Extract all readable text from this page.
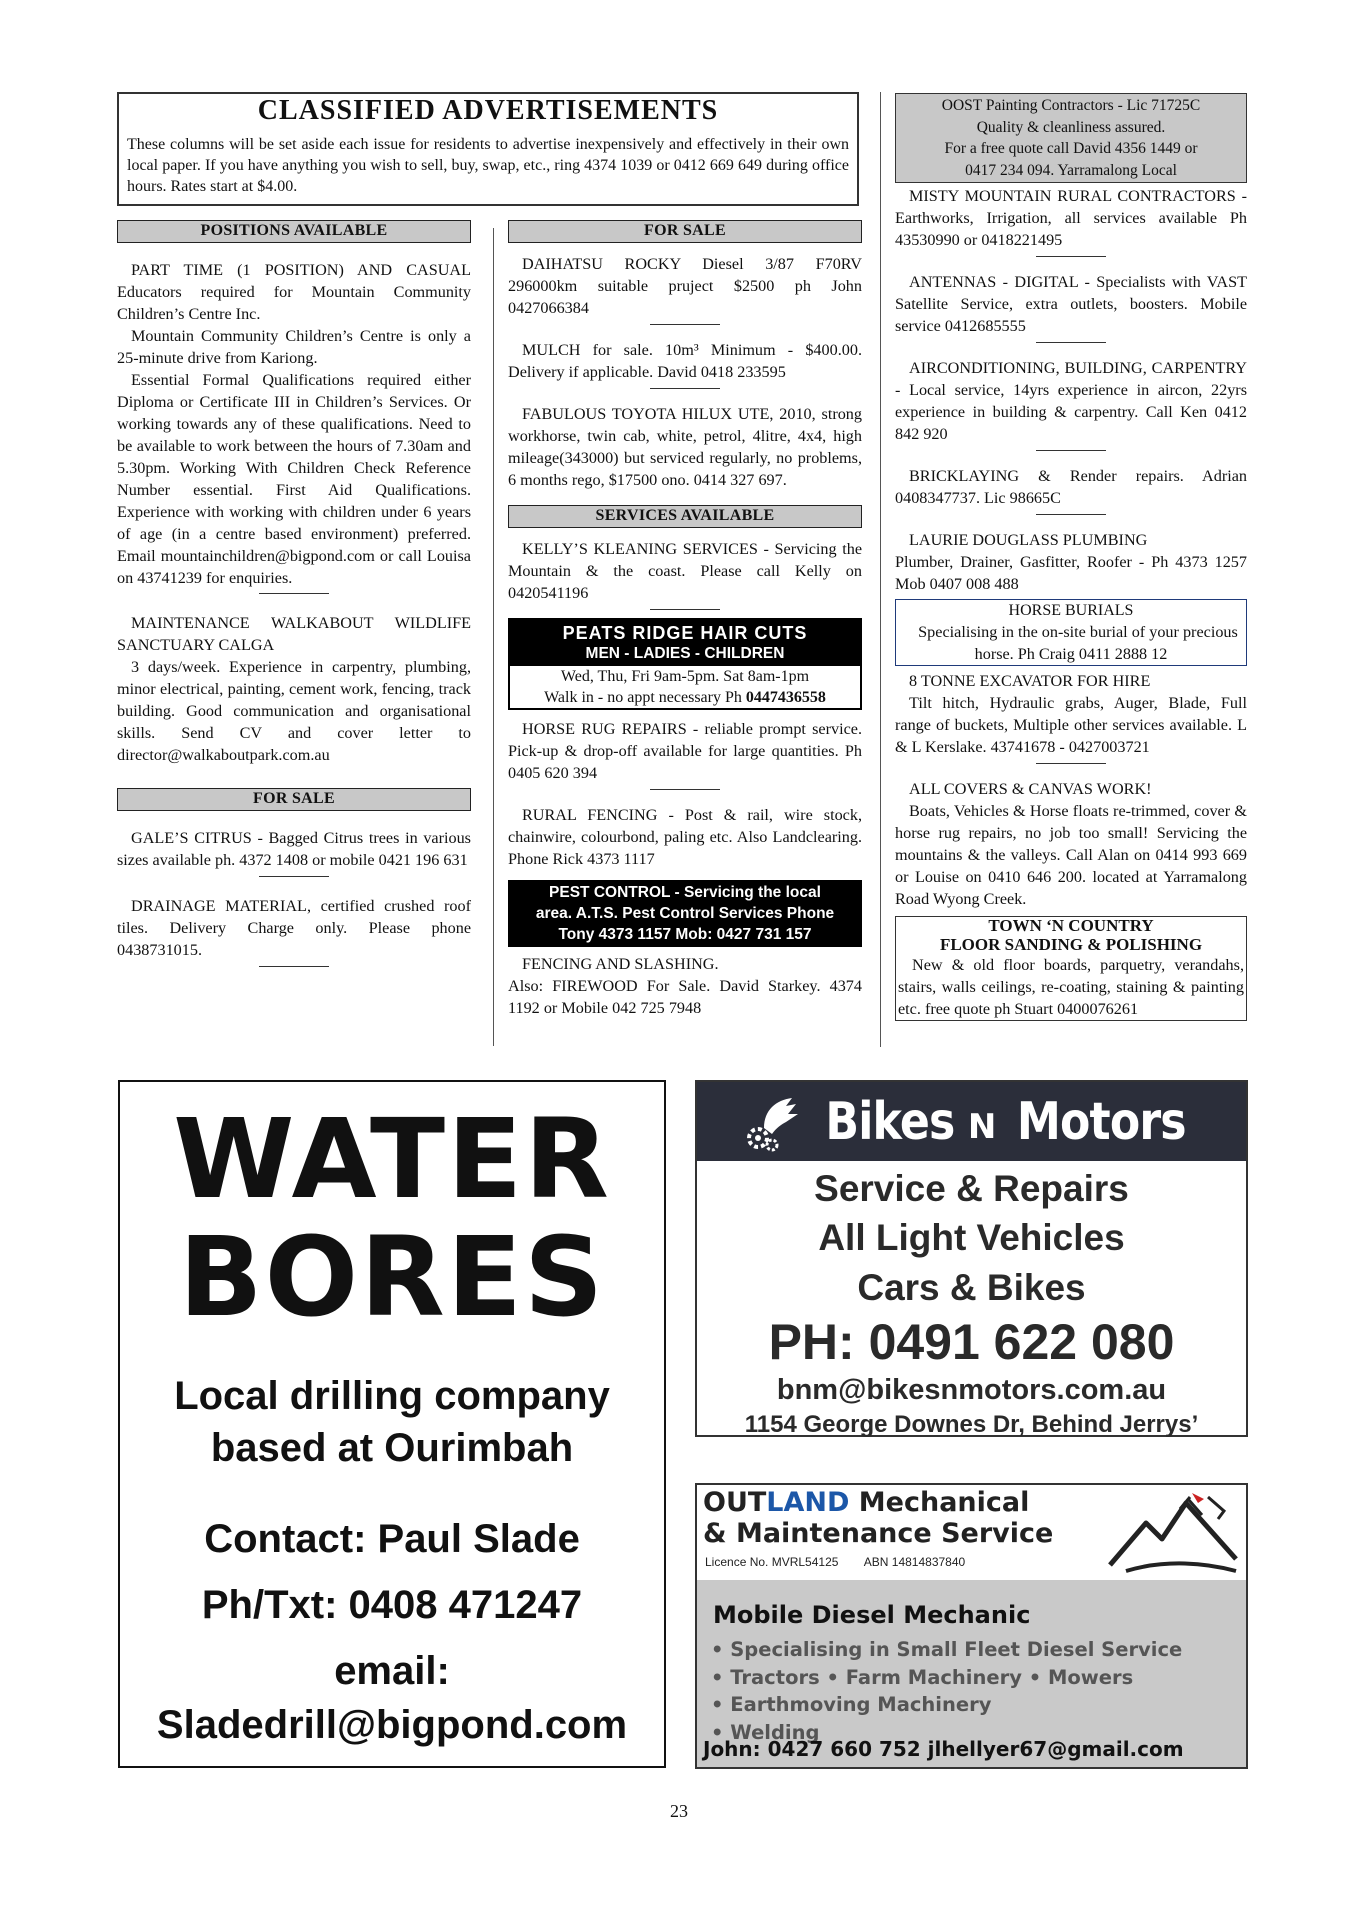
CLASSIFIED ADVERTISEMENTS
These columns will be set aside each issue for residents to advertise inexpensively and effectively in their own local paper. If you have anything you wish to sell, buy, swap, etc., ring 4374 1039 or 0412 669 649 during office hours. Rates start at $4.00.
POSITIONS AVAILABLE

PART TIME (1 POSITION) AND CASUAL Educators required for Mountain Community Children’s Centre Inc.

Mountain Community Children’s Centre is only a 25-minute drive from Kariong.

Essential Formal Qualifications required either Diploma or Certificate III in Children’s Services. Or working towards any of these qualifications. Need to be available to work between the hours of 7.30am and 5.30pm. Working With Children Check Reference Number essential. First Aid Qualifications. Experience with working with children under 6 years of age (in a centre based environment) preferred. Email mountainchildren@bigpond.com or call Louisa on 43741239 for enquiries.

MAINTENANCE WALKABOUT WILDLIFE SANCTUARY CALGA

3 days/week. Experience in carpentry, plumbing, minor electrical, painting, cement work, fencing, track building. Good communication and organisational skills. Send CV and cover letter to director@walkaboutpark.com.au

FOR SALE

GALE’S CITRUS - Bagged Citrus trees in various sizes available ph. 4372 1408 or mobile 0421 196 631

DRAINAGE MATERIAL, certified crushed roof tiles. Delivery Charge only. Please phone 0438731015.

FOR SALE

DAIHATSU ROCKY Diesel 3/87 F70RV 296000km suitable pruject $2500 ph John 0427066384

MULCH for sale. 10m³ Minimum - $400.00. Delivery if applicable. David 0418 233595

FABULOUS TOYOTA HILUX UTE, 2010, strong workhorse, twin cab, white, petrol, 4litre, 4x4, high mileage(343000) but serviced regularly, no problems, 6 months rego, $17500 ono. 0414 327 697.

SERVICES AVAILABLE

KELLY’S KLEANING SERVICES - Servicing the Mountain & the coast. Please call Kelly on 0420541196

PEATS RIDGE HAIR CUTS
MEN - LADIES - CHILDREN
Wed, Thu, Fri 9am-5pm. Sat 8am-1pm
Walk in - no appt necessary Ph 0447436558

HORSE RUG REPAIRS - reliable prompt service. Pick-up & drop-off available for large quantities. Ph 0405 620 394

RURAL FENCING - Post & rail, wire stock, chainwire, colourbond, paling etc. Also Landclearing. Phone Rick 4373 1117

PEST CONTROL - Servicing the local
area. A.T.S. Pest Control Services Phone
Tony 4373 1157 Mob: 0427 731 157

FENCING AND SLASHING.

Also: FIREWOOD For Sale. David Starkey. 4374 1192 or Mobile 042 725 7948

OOST Painting Contractors - Lic 71725C
Quality & cleanliness assured.
For a free quote call David 4356 1449 or
0417 234 094. Yarramalong Local

MISTY MOUNTAIN RURAL CONTRACTORS - Earthworks, Irrigation, all services available Ph 43530990 or 0418221495

ANTENNAS - DIGITAL - Specialists with VAST Satellite Service, extra outlets, boosters. Mobile service 0412685555

AIRCONDITIONING, BUILDING, CARPENTRY - Local service, 14yrs experience in aircon, 22yrs experience in building & carpentry. Call Ken 0412 842 920

BRICKLAYING & Render repairs. Adrian 0408347737. Lic 98665C

LAURIE DOUGLASS PLUMBING

Plumber, Drainer, Gasfitter, Roofer - Ph 4373 1257 Mob 0407 008 488

HORSE BURIALS

Specialising in the on-site burial of your precious horse. Ph Craig 0411 2888 12

8 TONNE EXCAVATOR FOR HIRE

Tilt hitch, Hydraulic grabs, Auger, Blade, Full range of buckets, Multiple other services available. L & L Kerslake. 43741678 - 0427003721

ALL COVERS & CANVAS WORK!

Boats, Vehicles & Horse floats re-trimmed, cover & horse rug repairs, no job too small! Servicing the mountains & the valleys. Call Alan on 0414 993 669 or Louise on 0410 646 200. located at Yarramalong Road Wyong Creek.

TOWN ‘N COUNTRY
FLOOR SANDING & POLISHING

New & old floor boards, parquetry, verandahs, stairs, walls ceilings, re-coating, staining & painting etc. free quote ph Stuart 0400076261

WATER
BORES
Local drilling company
based at Ourimbah
Contact: Paul Slade
Ph/Txt: 0408 471247
email:
Sladedrill@bigpond.com
Bikes N Motors
Service & Repairs
All Light Vehicles
Cars & Bikes
PH: 0491 622 080
bnm@bikesnmotors.com.au
1154 George Downes Dr, Behind Jerrys’
OUTLAND Mechanical
& Maintenance Service
Licence No. MVRL54125 ABN 14814837840
Mobile Diesel Mechanic
• Specialising in Small Fleet Diesel Service
• Tractors • Farm Machinery • Mowers
• Earthmoving Machinery
• Welding
John: 0427 660 752 jlhellyer67@gmail.com
23
